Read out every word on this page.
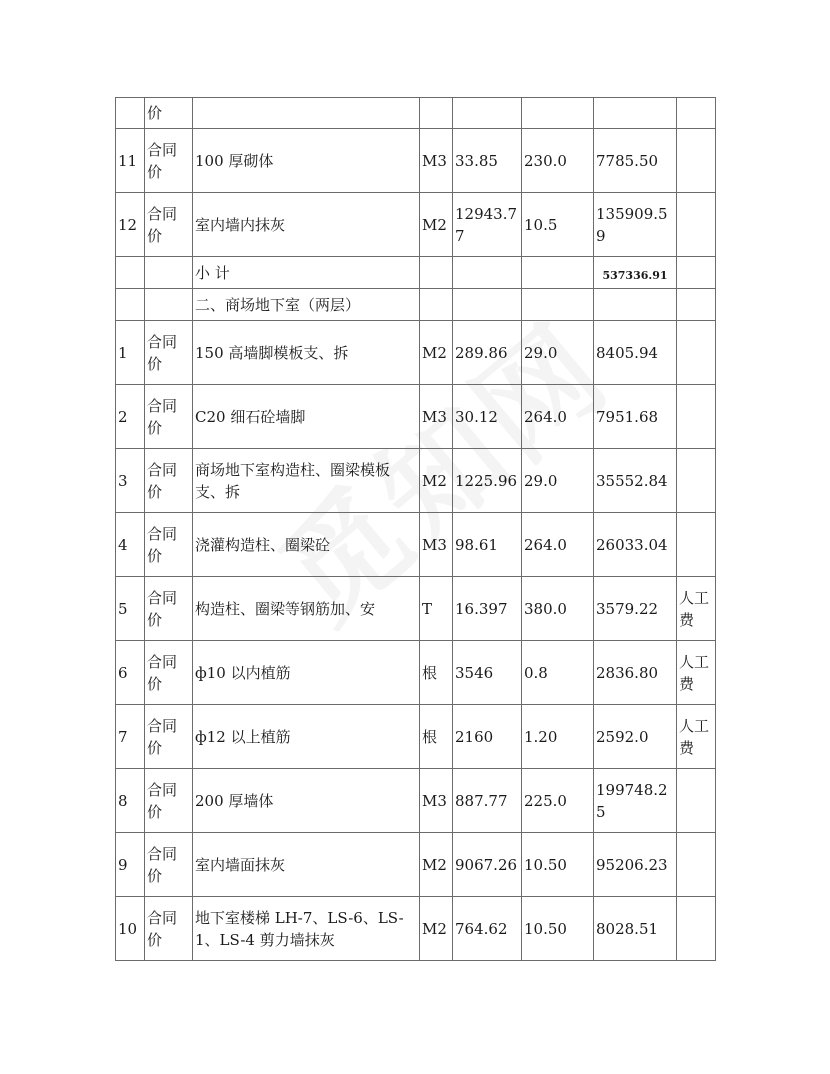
	价						
11	合同价	100 厚砌体	M3	33.85	230.0	7785.50	
12	合同价	室内墙内抹灰	M2	12943.77	10.5	135909.59	
		小 计				537336.91	
		二、商场地下室（两层）					
1	合同价	150 高墙脚模板支、拆	M2	289.86	29.0	8405.94	
2	合同价	C20 细石砼墙脚	M3	30.12	264.0	7951.68	
3	合同价	商场地下室构造柱、圈梁模板支、拆	M2	1225.96	29.0	35552.84	
4	合同价	浇灌构造柱、圈梁砼	M3	98.61	264.0	26033.04	
5	合同价	构造柱、圈梁等钢筋加、安	T	16.397	380.0	3579.22	人工费
6	合同价	ф10 以内植筋	根	3546	0.8	2836.80	人工费
7	合同价	ф12 以上植筋	根	2160	1.20	2592.0	人工费
8	合同价	200 厚墙体	M3	887.77	225.0	199748.25	
9	合同价	室内墙面抹灰	M2	9067.26	10.50	95206.23	
10	合同价	地下室楼梯 LH-7、LS-6、LS-1、LS-4 剪力墙抹灰	M2	764.62	10.50	8028.51	
